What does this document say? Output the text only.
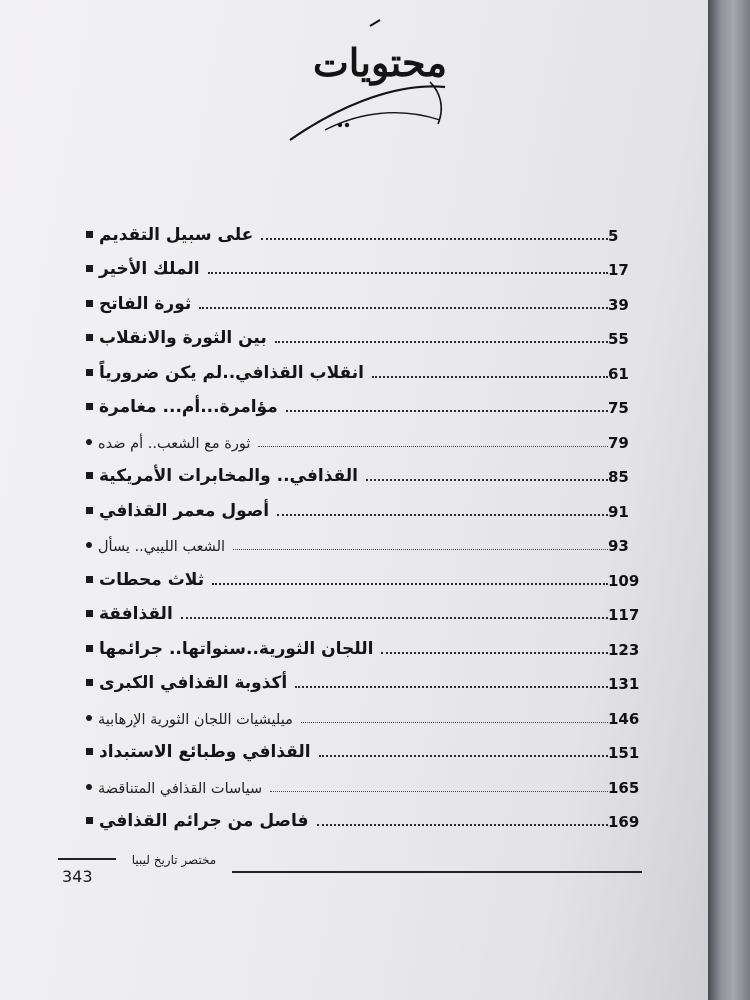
محتويات
على سبيل التقديم	5
الملك الأخير	17
ثورة الفاتح	39
بين الثورة والانقلاب	55
انقلاب القذافي..لم يكن ضرورياً	61
مؤامرة...أم... مغامرة	75
ثورة مع الشعب.. أم ضده	79
القذافي.. والمخابرات الأمريكية	85
أصول معمر القذافي	91
الشعب الليبي.. يسأل	93
ثلاث محطات	109
القذافقة	117
اللجان الثورية..سنواتها.. جرائمها	123
أكذوبة القذافي الكبرى	131
ميليشيات اللجان الثورية الإرهابية	146
القذافي وطبائع الاستبداد	151
سياسات القذافي المتناقضة	165
فاصل من جرائم القذافي	169
مختصر تاريخ ليبيا
343
